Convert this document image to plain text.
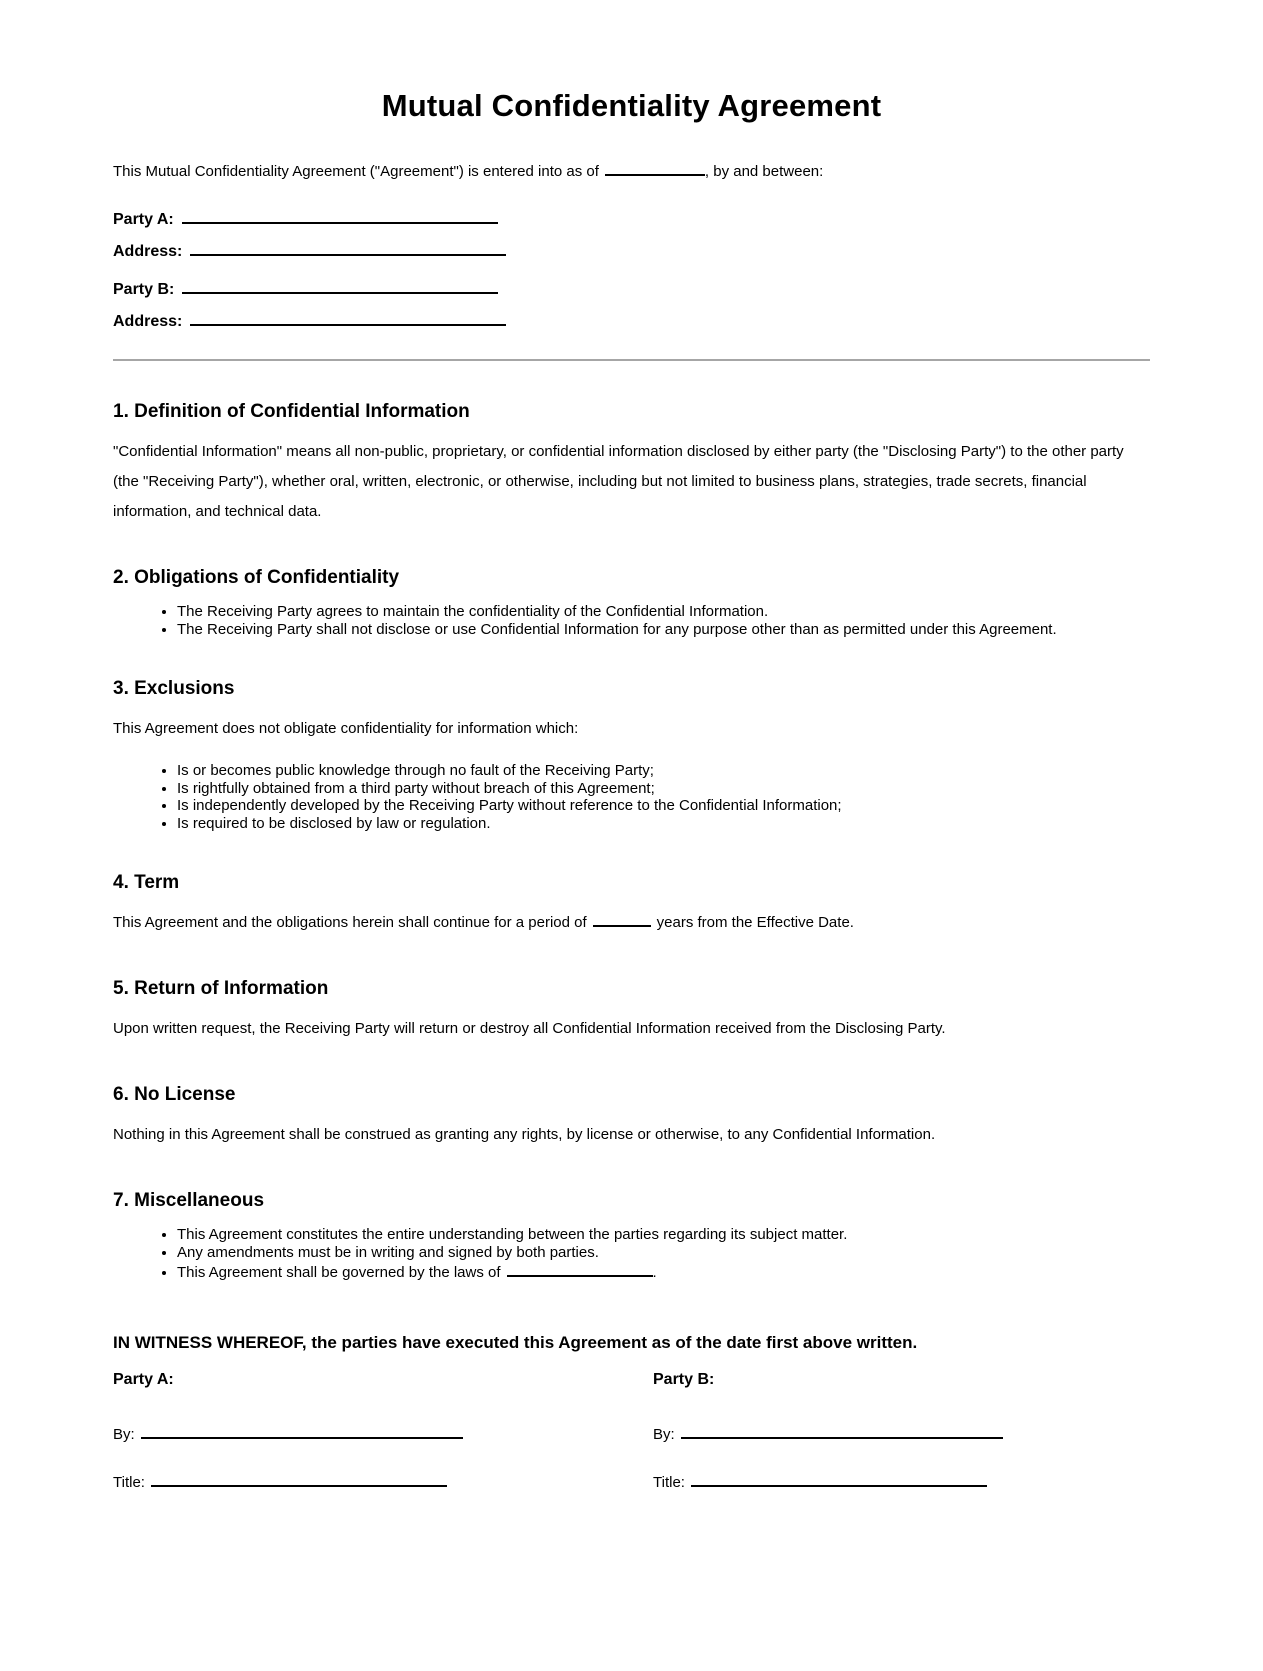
Mutual Confidentiality Agreement

This Mutual Confidentiality Agreement ("Agreement") is entered into as of	, by and between:

Party A:
Address:
Party B:
Address:
1. Definition of Confidential Information

"Confidential Information" means all non-public, proprietary, or confidential information disclosed by either party (the "Disclosing Party") to the other party (the "Receiving Party"), whether oral, written, electronic, or otherwise, including but not limited to business plans, strategies, trade secrets, financial information, and technical data.

2. Obligations of Confidentiality
• The Receiving Party agrees to maintain the confidentiality of the Confidential Information.
• The Receiving Party shall not disclose or use Confidential Information for any purpose other than as permitted under this Agreement.
3. Exclusions

This Agreement does not obligate confidentiality for information which:

• Is or becomes public knowledge through no fault of the Receiving Party;
• Is rightfully obtained from a third party without breach of this Agreement;
• Is independently developed by the Receiving Party without reference to the Confidential Information;
• Is required to be disclosed by law or regulation.
4. Term

This Agreement and the obligations herein shall continue for a period of	years from the Effective Date.

5. Return of Information

Upon written request, the Receiving Party will return or destroy all Confidential Information received from the Disclosing Party.

6. No License

Nothing in this Agreement shall be construed as granting any rights, by license or otherwise, to any Confidential Information.

7. Miscellaneous
• This Agreement constitutes the entire understanding between the parties regarding its subject matter.
• Any amendments must be in writing and signed by both parties.
• This Agreement shall be governed by the laws of	.

IN WITNESS WHEREOF, the parties have executed this Agreement as of the date first above written.

Party A:
By:
Title:
Party B:
By:
Title:
